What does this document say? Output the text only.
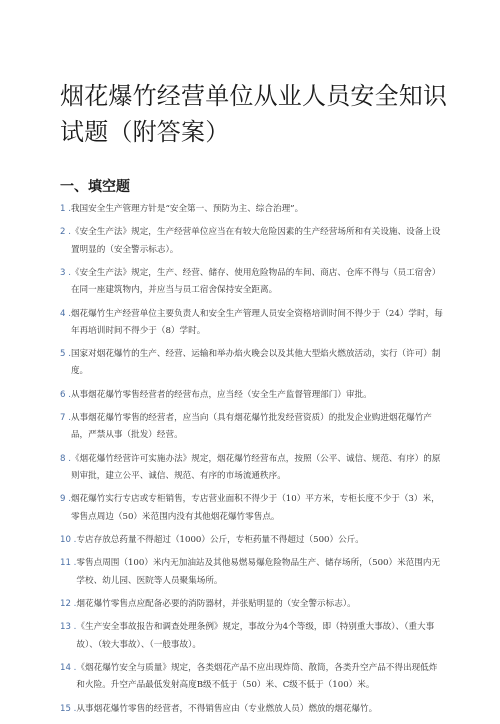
烟花爆竹经营单位从业人员安全知识试题（附答案）
一、填空题
1 . 我国安全生产管理方针是“安全第一、预防为主、综合治理”。
2 . 《安全生产法》规定，生产经营单位应当在有较大危险因素的生产经营场所和有关设施、设备上设置明显的（安全警示标志）。
3 . 《安全生产法》规定，生产、经营、储存、使用危险物品的车间、商店、仓库不得与（员工宿舍）在同一座建筑物内，并应当与员工宿舍保持安全距离。
4 . 烟花爆竹生产经营单位主要负责人和安全生产管理人员安全资格培训时间不得少于（24）学时，每年再培训时间不得少于（8）学时。
5 . 国家对烟花爆竹的生产、经营、运输和举办焰火晚会以及其他大型焰火燃放活动，实行（许可）制度。
6 . 从事烟花爆竹零售经营者的经营布点，应当经（安全生产监督管理部门）审批。
7 . 从事烟花爆竹零售的经营者，应当向（具有烟花爆竹批发经营资质）的批发企业购进烟花爆竹产品，严禁从事（批发）经营。
8 . 《烟花爆竹经营许可实施办法》规定，烟花爆竹经营布点，按照（公平、诚信、规范、有序）的原则审批，建立公平、诚信、规范、有序的市场流通秩序。
9 . 烟花爆竹实行专店或专柜销售，专店营业面积不得少于（10）平方米，专柜长度不少于（3）米，零售点周边（50）米范围内没有其他烟花爆竹零售点。
10 . 专店存放总药量不得超过（1000）公斤，专柜药量不得超过（500）公斤。
11 . 零售点周围（100）米内无加油站及其他易燃易爆危险物品生产、储存场所，（500）米范围内无学校、幼儿园、医院等人员聚集场所。
12 . 烟花爆竹零售点应配备必要的消防器材，并张贴明显的（安全警示标志）。
13 . 《生产安全事故报告和调查处理条例》规定，事故分为4个等级，即（特别重大事故）、（重大事故）、（较大事故）、（一般事故）。
14 . 《烟花爆竹安全与质量》规定，各类烟花产品不应出现炸筒、散筒，各类升空产品不得出现低炸和火险。升空产品最低发射高度B级不低于（50）米、C级不低于（100）米。
15 . 从事烟花爆竹零售的经营者，不得销售应由（专业燃放人员）燃放的烟花爆竹。
